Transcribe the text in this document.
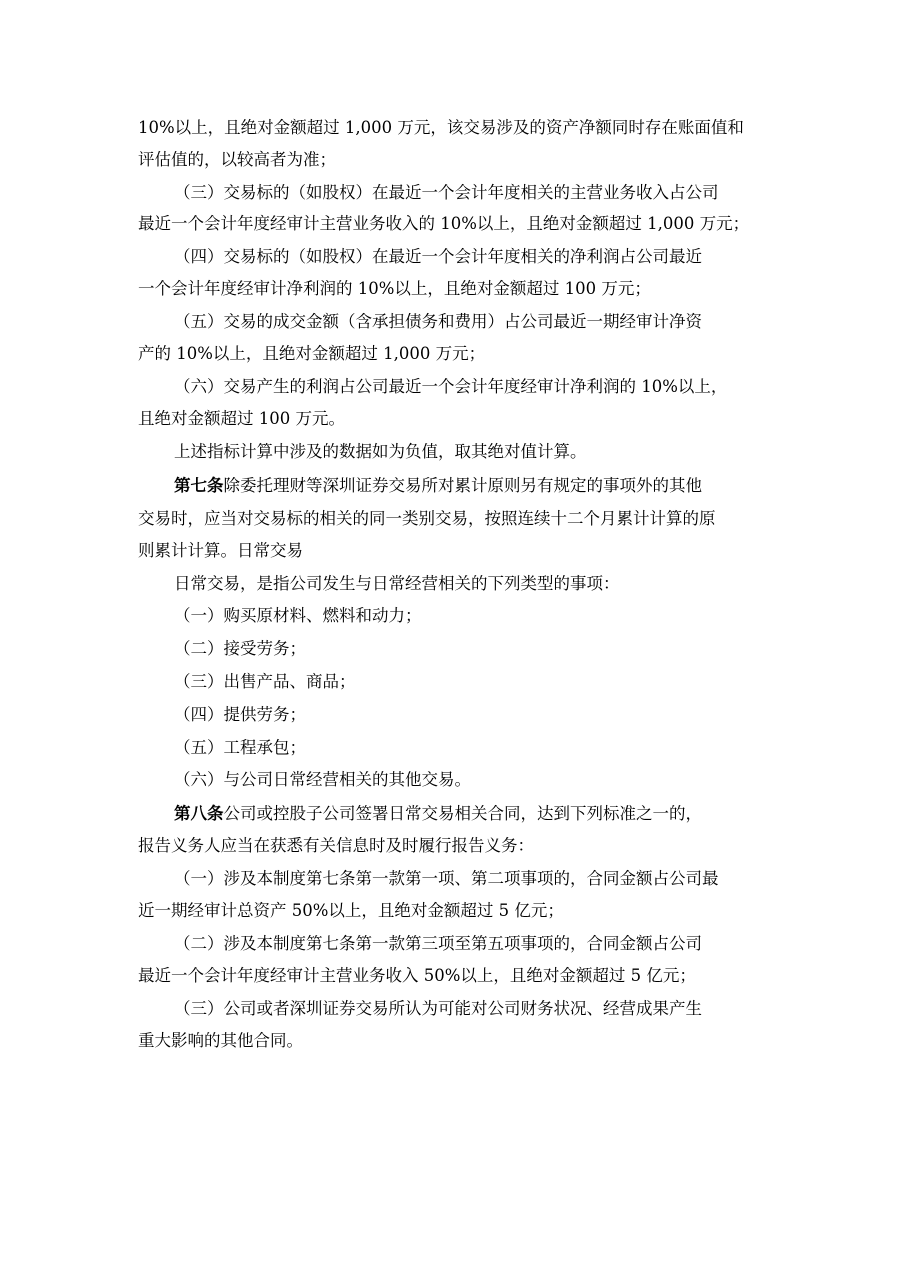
10%以上，且绝对金额超过 1,000 万元，该交易涉及的资产净额同时存在账面值和
评估值的，以较高者为准；
（三）交易标的（如股权）在最近一个会计年度相关的主营业务收入占公司
最近一个会计年度经审计主营业务收入的 10%以上，且绝对金额超过 1,000 万元；
（四）交易标的（如股权）在最近一个会计年度相关的净利润占公司最近
一个会计年度经审计净利润的 10%以上，且绝对金额超过 100 万元；
（五）交易的成交金额（含承担债务和费用）占公司最近一期经审计净资
产的 10%以上，且绝对金额超过 1,000 万元；
（六）交易产生的利润占公司最近一个会计年度经审计净利润的 10%以上，
且绝对金额超过 100 万元。
上述指标计算中涉及的数据如为负值，取其绝对值计算。
第七条除委托理财等深圳证券交易所对累计原则另有规定的事项外的其他
交易时，应当对交易标的相关的同一类别交易，按照连续十二个月累计计算的原
则累计计算。日常交易
日常交易，是指公司发生与日常经营相关的下列类型的事项：
（一）购买原材料、燃料和动力；
（二）接受劳务；
（三）出售产品、商品；
（四）提供劳务；
（五）工程承包；
（六）与公司日常经营相关的其他交易。
第八条公司或控股子公司签署日常交易相关合同，达到下列标准之一的，
报告义务人应当在获悉有关信息时及时履行报告义务：
（一）涉及本制度第七条第一款第一项、第二项事项的，合同金额占公司最
近一期经审计总资产 50%以上，且绝对金额超过 5 亿元；
（二）涉及本制度第七条第一款第三项至第五项事项的，合同金额占公司
最近一个会计年度经审计主营业务收入 50%以上，且绝对金额超过 5 亿元；
（三）公司或者深圳证券交易所认为可能对公司财务状况、经营成果产生
重大影响的其他合同。
